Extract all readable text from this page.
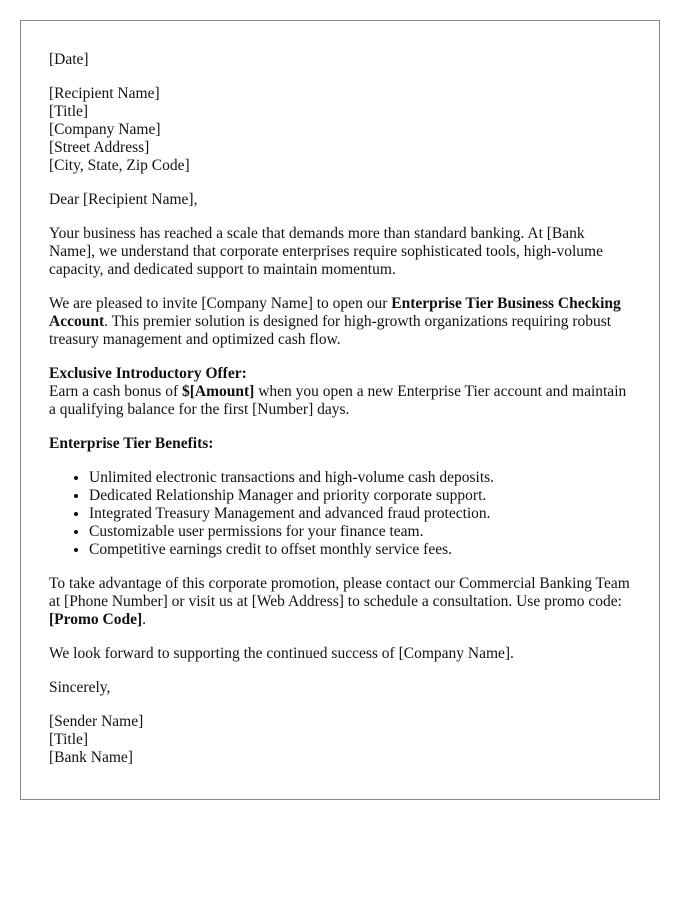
[Date]
[Recipient Name]
[Title]
[Company Name]
[Street Address]
[City, State, Zip Code]
Dear [Recipient Name],

Your business has reached a scale that demands more than standard banking. At [Bank Name], we understand that corporate enterprises require sophisticated tools, high-volume capacity, and dedicated support to maintain momentum.

We are pleased to invite [Company Name] to open our Enterprise Tier Business Checking Account. This premier solution is designed for high-growth organizations requiring robust treasury management and optimized cash flow.

Exclusive Introductory Offer:
Earn a cash bonus of $[Amount] when you open a new Enterprise Tier account and maintain a qualifying balance for the first [Number] days.
Enterprise Tier Benefits:
• Unlimited electronic transactions and high-volume cash deposits.
• Dedicated Relationship Manager and priority corporate support.
• Integrated Treasury Management and advanced fraud protection.
• Customizable user permissions for your finance team.
• Competitive earnings credit to offset monthly service fees.

To take advantage of this corporate promotion, please contact our Commercial Banking Team at [Phone Number] or visit us at [Web Address] to schedule a consultation. Use promo code: [Promo Code].

We look forward to supporting the continued success of [Company Name].

Sincerely,
[Sender Name]
[Title]
[Bank Name]
